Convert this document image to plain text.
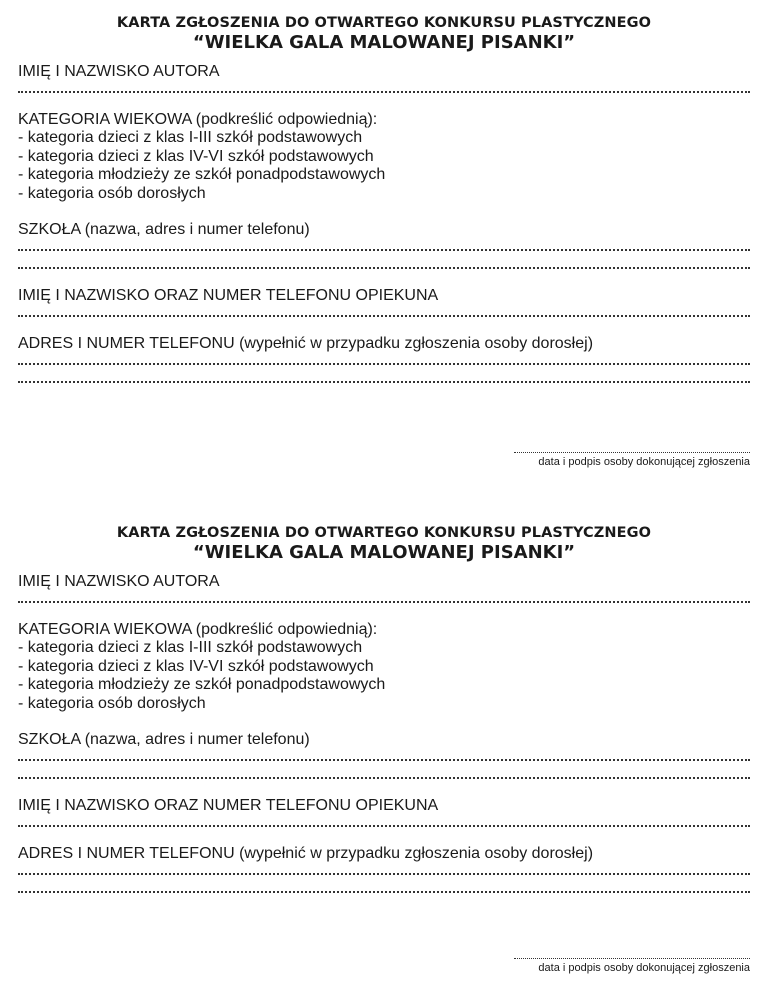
KARTA ZGŁOSZENIA DO OTWARTEGO KONKURSU PLASTYCZNEGO

“WIELKA GALA MALOWANEJ PISANKI”

IMIĘ I NAZWISKO AUTORA

KATEGORIA WIEKOWA (podkreślić odpowiednią):

- kategoria dzieci z klas I-III szkół podstawowych
- kategoria dzieci z klas IV-VI szkół podstawowych
- kategoria młodzieży ze szkół ponadpodstawowych
- kategoria osób dorosłych

SZKOŁA (nazwa, adres i numer telefonu)

IMIĘ I NAZWISKO ORAZ NUMER TELEFONU OPIEKUNA

ADRES I NUMER TELEFONU (wypełnić w przypadku zgłoszenia osoby dorosłej)

data i podpis osoby dokonującej zgłoszenia

KARTA ZGŁOSZENIA DO OTWARTEGO KONKURSU PLASTYCZNEGO

“WIELKA GALA MALOWANEJ PISANKI”

IMIĘ I NAZWISKO AUTORA

KATEGORIA WIEKOWA (podkreślić odpowiednią):

- kategoria dzieci z klas I-III szkół podstawowych
- kategoria dzieci z klas IV-VI szkół podstawowych
- kategoria młodzieży ze szkół ponadpodstawowych
- kategoria osób dorosłych

SZKOŁA (nazwa, adres i numer telefonu)

IMIĘ I NAZWISKO ORAZ NUMER TELEFONU OPIEKUNA

ADRES I NUMER TELEFONU (wypełnić w przypadku zgłoszenia osoby dorosłej)

data i podpis osoby dokonującej zgłoszenia
